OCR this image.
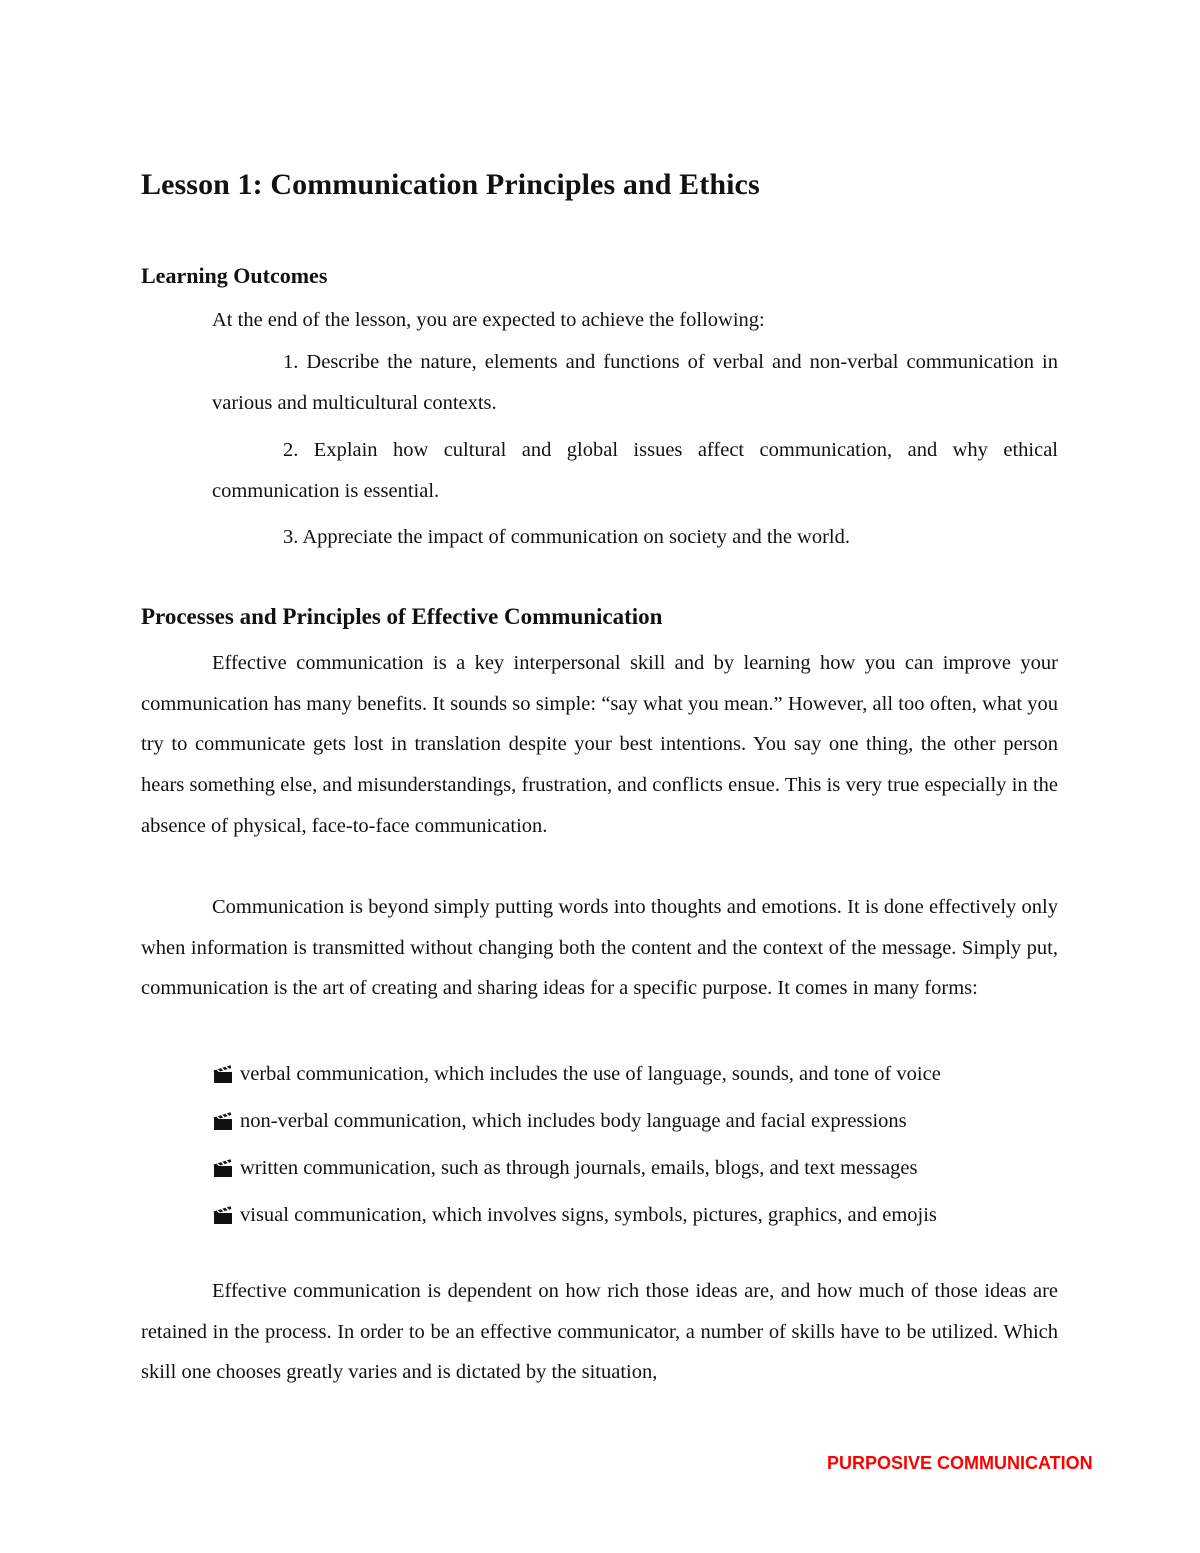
Lesson 1: Communication Principles and Ethics
Learning Outcomes

At the end of the lesson, you are expected to achieve the following:

1. Describe the nature, elements and functions of verbal and non-verbal communication in various and multicultural contexts.

2. Explain how cultural and global issues affect communication, and why ethical communication is essential.

3. Appreciate the impact of communication on society and the world.

Processes and Principles of Effective Communication

Effective communication is a key interpersonal skill and by learning how you can improve your communication has many benefits. It sounds so simple: “say what you mean.” However, all too often, what you try to communicate gets lost in translation despite your best intentions. You say one thing, the other person hears something else, and misunderstandings, frustration, and conflicts ensue. This is very true especially in the absence of physical, face-to-face communication.

Communication is beyond simply putting words into thoughts and emotions. It is done effectively only when information is transmitted without changing both the content and the context of the message. Simply put, communication is the art of creating and sharing ideas for a specific purpose. It comes in many forms:

verbal communication, which includes the use of language, sounds, and tone of voice
non-verbal communication, which includes body language and facial expressions
written communication, such as through journals, emails, blogs, and text messages
visual communication, which involves signs, symbols, pictures, graphics, and emojis

Effective communication is dependent on how rich those ideas are, and how much of those ideas are retained in the process. In order to be an effective communicator, a number of skills have to be utilized. Which skill one chooses greatly varies and is dictated by the situation,

PURPOSIVE COMMUNICATION
